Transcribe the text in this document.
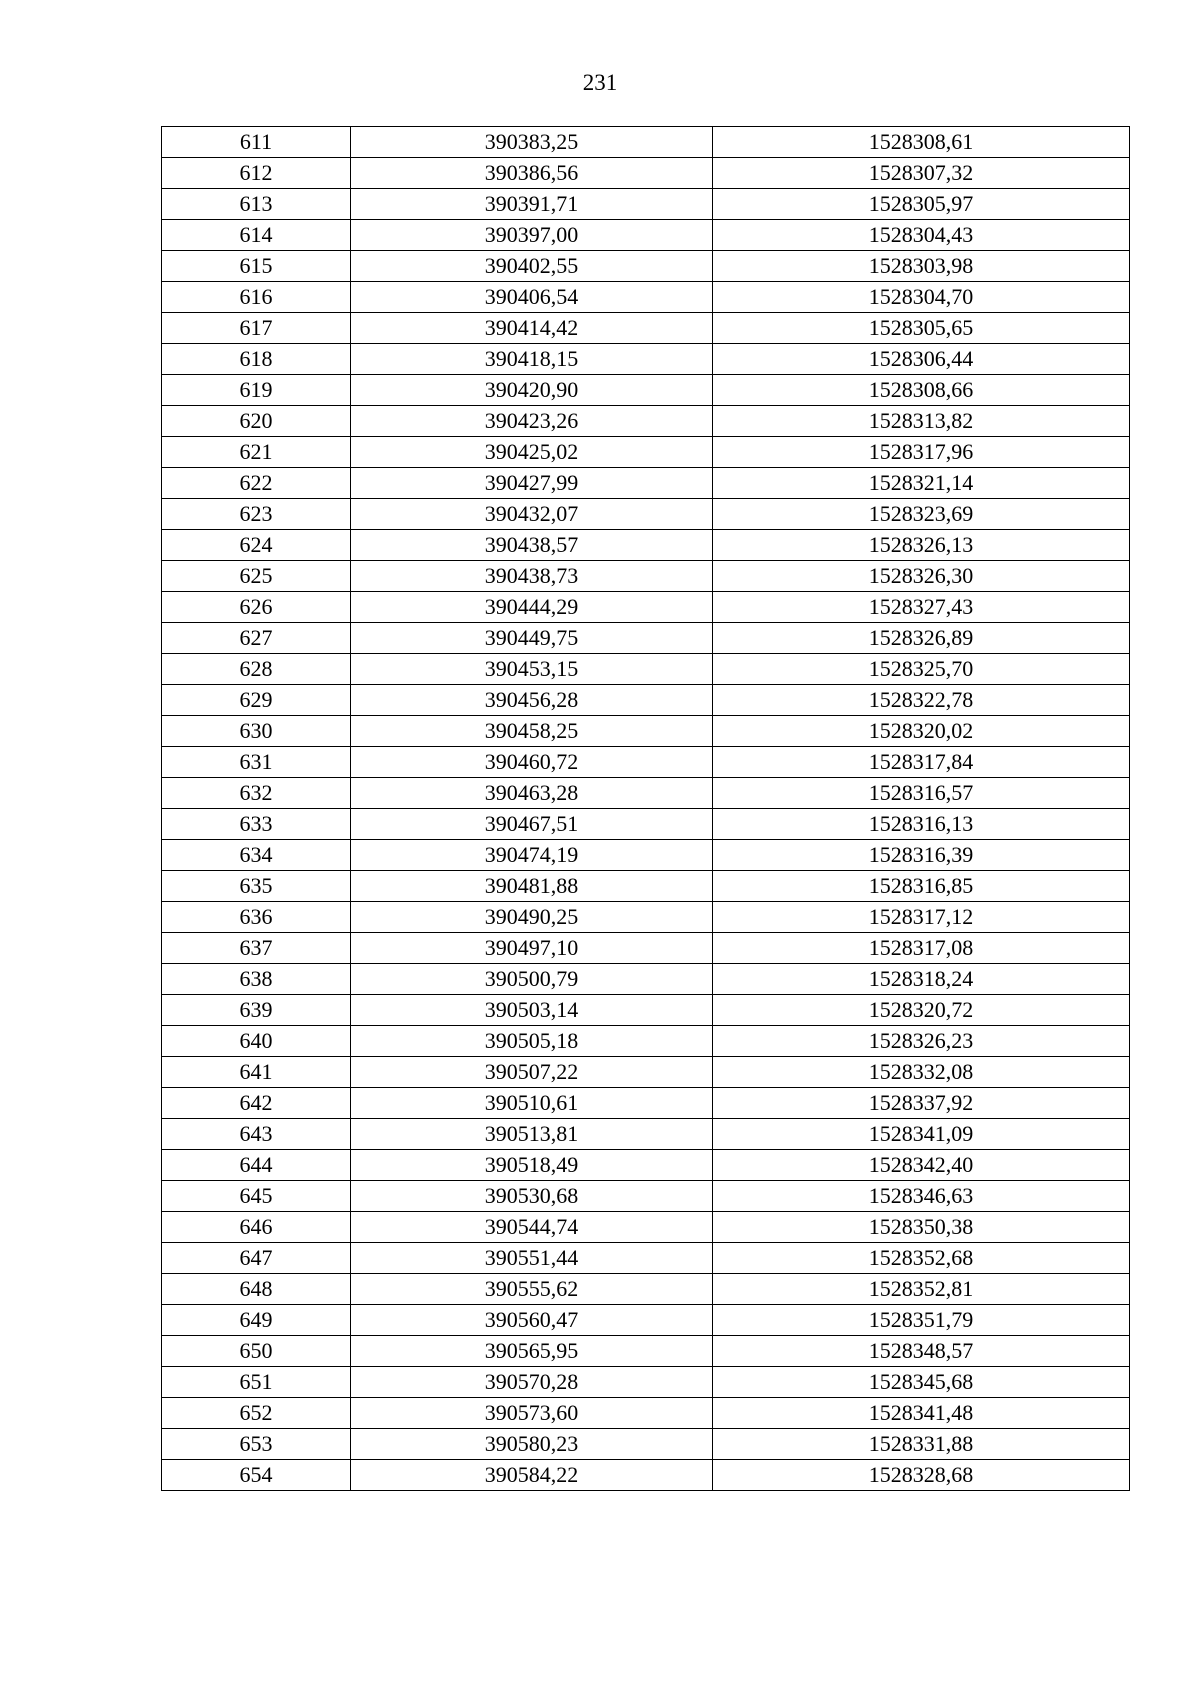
231
611	390383,25	1528308,61
612	390386,56	1528307,32
613	390391,71	1528305,97
614	390397,00	1528304,43
615	390402,55	1528303,98
616	390406,54	1528304,70
617	390414,42	1528305,65
618	390418,15	1528306,44
619	390420,90	1528308,66
620	390423,26	1528313,82
621	390425,02	1528317,96
622	390427,99	1528321,14
623	390432,07	1528323,69
624	390438,57	1528326,13
625	390438,73	1528326,30
626	390444,29	1528327,43
627	390449,75	1528326,89
628	390453,15	1528325,70
629	390456,28	1528322,78
630	390458,25	1528320,02
631	390460,72	1528317,84
632	390463,28	1528316,57
633	390467,51	1528316,13
634	390474,19	1528316,39
635	390481,88	1528316,85
636	390490,25	1528317,12
637	390497,10	1528317,08
638	390500,79	1528318,24
639	390503,14	1528320,72
640	390505,18	1528326,23
641	390507,22	1528332,08
642	390510,61	1528337,92
643	390513,81	1528341,09
644	390518,49	1528342,40
645	390530,68	1528346,63
646	390544,74	1528350,38
647	390551,44	1528352,68
648	390555,62	1528352,81
649	390560,47	1528351,79
650	390565,95	1528348,57
651	390570,28	1528345,68
652	390573,60	1528341,48
653	390580,23	1528331,88
654	390584,22	1528328,68
